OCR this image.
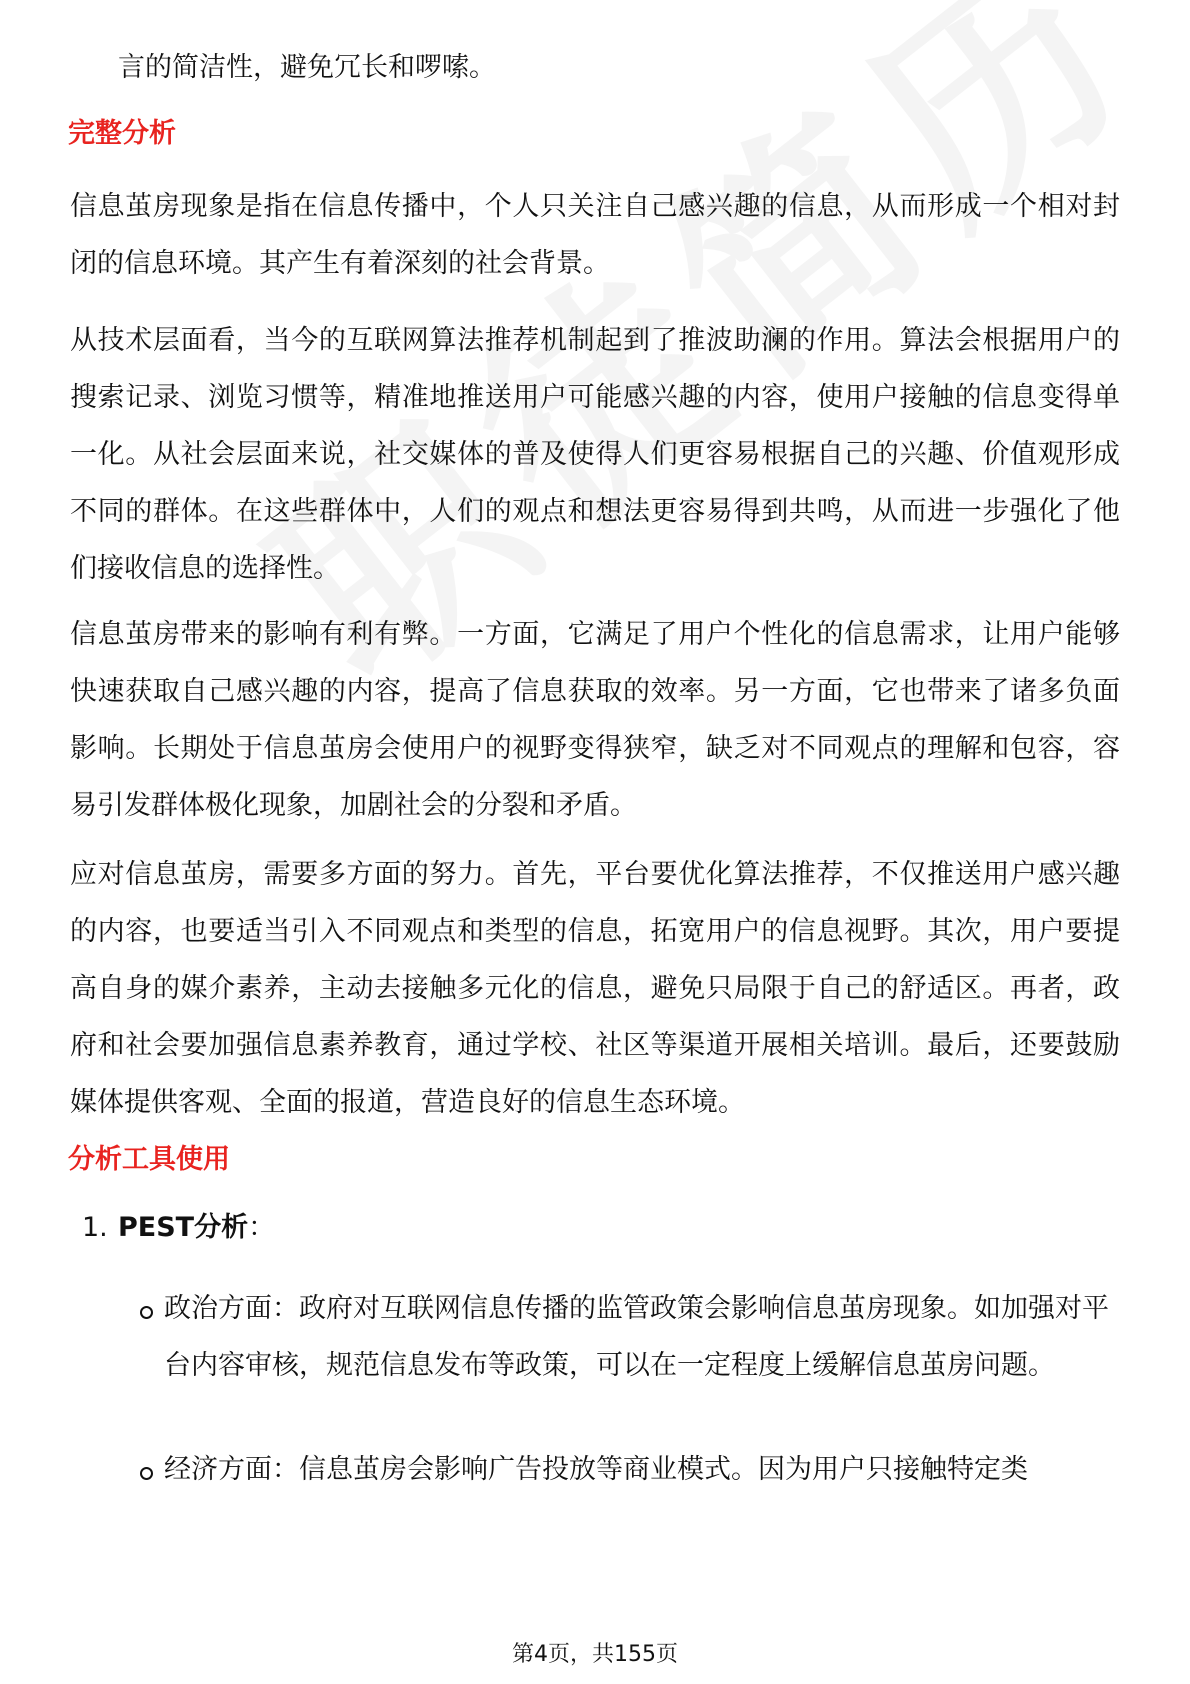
言的简洁性，避免冗长和啰嗦。
完整分析
信息茧房现象是指在信息传播中，个人只关注自己感兴趣的信息，从而形成一个相对封闭的信息环境。其产生有着深刻的社会背景。
从技术层面看，当今的互联网算法推荐机制起到了推波助澜的作用。算法会根据用户的搜索记录、浏览习惯等，精准地推送用户可能感兴趣的内容，使用户接触的信息变得单一化。从社会层面来说，社交媒体的普及使得人们更容易根据自己的兴趣、价值观形成不同的群体。在这些群体中，人们的观点和想法更容易得到共鸣，从而进一步强化了他们接收信息的选择性。
信息茧房带来的影响有利有弊。一方面，它满足了用户个性化的信息需求，让用户能够快速获取自己感兴趣的内容，提高了信息获取的效率。另一方面，它也带来了诸多负面影响。长期处于信息茧房会使用户的视野变得狭窄，缺乏对不同观点的理解和包容，容易引发群体极化现象，加剧社会的分裂和矛盾。
应对信息茧房，需要多方面的努力。首先，平台要优化算法推荐，不仅推送用户感兴趣的内容，也要适当引入不同观点和类型的信息，拓宽用户的信息视野。其次，用户要提高自身的媒介素养，主动去接触多元化的信息，避免只局限于自己的舒适区。再者，政府和社会要加强信息素养教育，通过学校、社区等渠道开展相关培训。最后，还要鼓励媒体提供客观、全面的报道，营造良好的信息生态环境。
分析工具使用
1. PEST分析：
政治方面：政府对互联网信息传播的监管政策会影响信息茧房现象。如加强对平台内容审核，规范信息发布等政策，可以在一定程度上缓解信息茧房问题。
经济方面：信息茧房会影响广告投放等商业模式。因为用户只接触特定类
第4页，共155页
